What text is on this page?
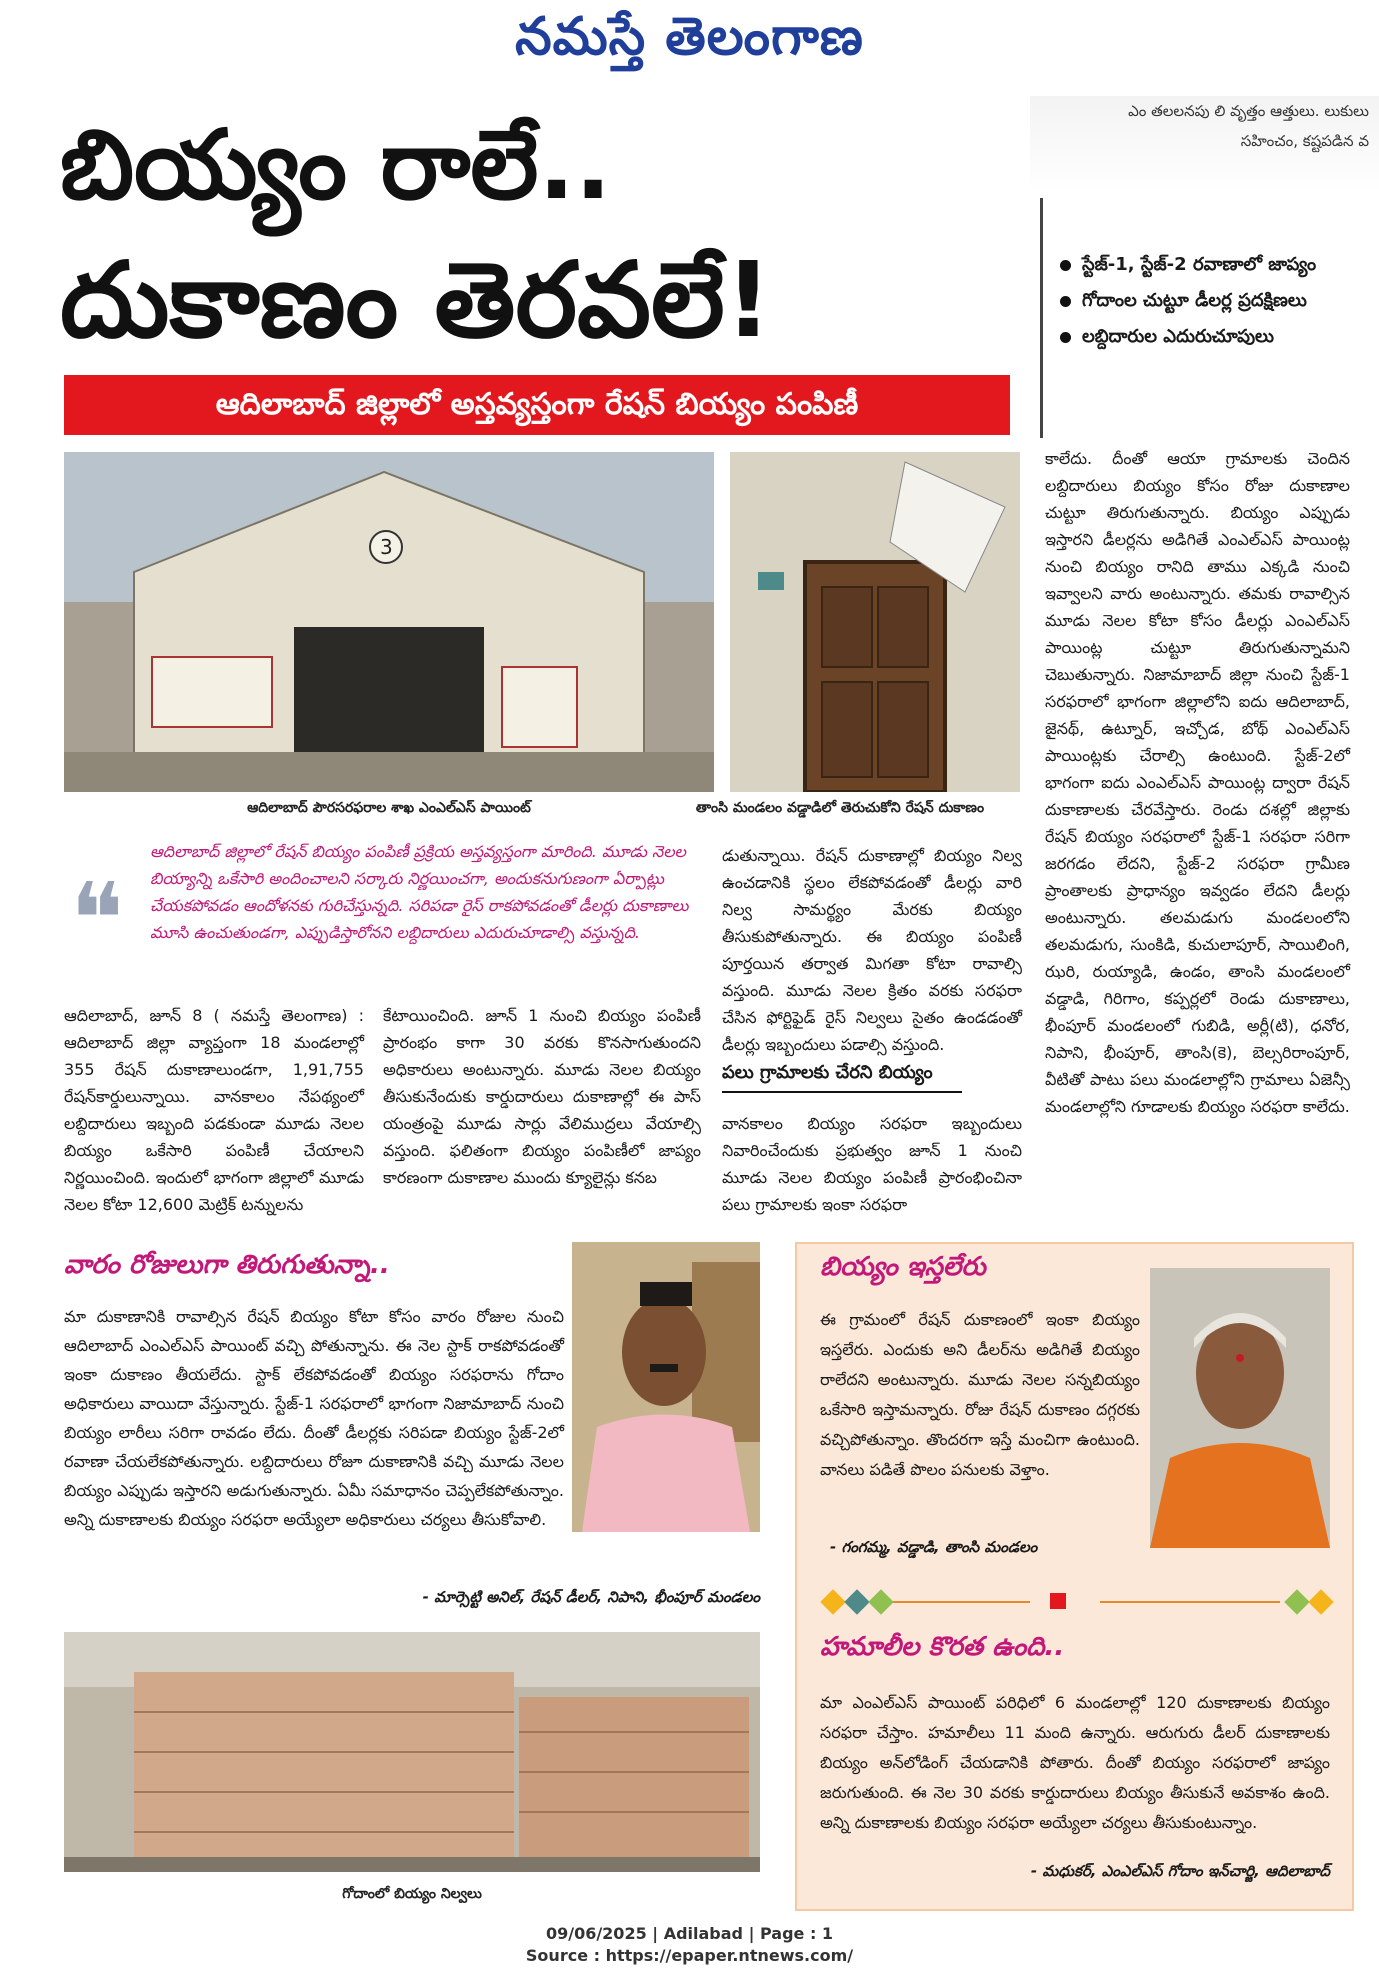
నమస్తే తెలంగాణ
ఎం తలలనపు లి వృత్తం ఆత్తులు. లుకులు
సహించం, కష్టపడిన వ
బియ్యం రాలే..
దుకాణం తెరవలే!	స్టేజ్-1, స్టేజ్-2 రవాణాలో జాప్యం
గోదాంల చుట్టూ డీలర్ల ప్రదక్షిణలు
లబ్దిదారుల ఎదురుచూపులు
ఆదిలాబాద్ జిల్లాలో అస్తవ్యస్తంగా రేషన్ బియ్యం పంపిణీ
3
ఆదిలాబాద్ పౌరసరఫరాల శాఖ ఎంఎల్ఎస్ పాయింట్	తాంసి మండలం వడ్డాడిలో తెరుచుకోని రేషన్ దుకాణం
❝
ఆదిలాబాద్ జిల్లాలో రేషన్ బియ్యం పంపిణీ ప్రక్రియ అస్తవ్యస్తంగా మారింది. మూడు నెలల బియ్యాన్ని ఒకేసారి అందించాలని సర్కారు నిర్ణయించగా, అందుకనుగుణంగా ఏర్పాట్లు చేయకపోవడం ఆందోళనకు గురిచేస్తున్నది. సరిపడా రైస్ రాకపోవడంతో డీలర్లు దుకాణాలు మూసి ఉంచుతుండగా, ఎప్పుడిస్తారోనని లబ్దిదారులు ఎదురుచూడాల్సి వస్తున్నది.
ఆదిలాబాద్, జూన్ 8 ( నమస్తే తెలంగాణ) : ఆదిలాబాద్ జిల్లా వ్యాప్తంగా 18 మండలాల్లో 355 రేషన్ దుకాణాలుండగా, 1,91,755 రేషన్‌కార్డులున్నాయి. వానకాలం నేపథ్యంలో లబ్దిదారులు ఇబ్బంది పడకుండా మూడు నెలల బియ్యం ఒకేసారి పంపిణీ చేయాలని నిర్ణయించింది. ఇందులో భాగంగా జిల్లాలో మూడు నెలల కోటా 12,600 మెట్రిక్ టన్నులను
కేటాయించింది. జూన్ 1 నుంచి బియ్యం పంపిణీ ప్రారంభం కాగా 30 వరకు కొనసాగుతుందని అధికారులు అంటున్నారు. మూడు నెలల బియ్యం తీసుకునేందుకు కార్డుదారులు దుకాణాల్లో ఈ పాస్ యంత్రంపై మూడు సార్లు వేలిముద్రలు వేయాల్సి వస్తుంది. ఫలితంగా బియ్యం పంపిణీలో జాప్యం కారణంగా దుకాణాల ముందు క్యూలైన్లు కనబ
డుతున్నాయి. రేషన్ దుకాణాల్లో బియ్యం నిల్వ ఉంచడానికి స్థలం లేకపోవడంతో డీలర్లు వారి నిల్వ సామర్థ్యం మేరకు బియ్యం తీసుకుపోతున్నారు. ఈ బియ్యం పంపిణీ పూర్తయిన తర్వాత మిగతా కోటా రావాల్సి వస్తుంది. మూడు నెలల క్రితం వరకు సరఫరా చేసిన ఫోర్టిఫైడ్ రైస్ నిల్వలు సైతం ఉండడంతో డీలర్లు ఇబ్బందులు పడాల్సి వస్తుంది.
పలు గ్రామాలకు చేరని బియ్యం
వానకాలం బియ్యం సరఫరా ఇబ్బందులు నివారించేందుకు ప్రభుత్వం జూన్ 1 నుంచి మూడు నెలల బియ్యం పంపిణీ ప్రారంభించినా పలు గ్రామాలకు ఇంకా సరఫరా
కాలేదు. దీంతో ఆయా గ్రామాలకు చెందిన లబ్దిదారులు బియ్యం కోసం రోజు దుకాణాల చుట్టూ తిరుగుతున్నారు. బియ్యం ఎప్పుడు ఇస్తారని డీలర్లను అడిగితే ఎంఎల్ఎస్ పాయింట్ల నుంచి బియ్యం రానిది తాము ఎక్కడి నుంచి ఇవ్వాలని వారు అంటున్నారు. తమకు రావాల్సిన మూడు నెలల కోటా కోసం డీలర్లు ఎంఎల్ఎస్ పాయింట్ల చుట్టూ తిరుగుతున్నామని చెబుతున్నారు. నిజామాబాద్ జిల్లా నుంచి స్టేజ్-1 సరఫరాలో భాగంగా జిల్లాలోని ఐదు ఆదిలాబాద్, జైనథ్, ఉట్నూర్, ఇచ్చోడ, బోథ్ ఎంఎల్ఎస్ పాయింట్లకు చేరాల్సి ఉంటుంది. స్టేజ్-2లో భాగంగా ఐదు ఎంఎల్ఎస్ పాయింట్ల ద్వారా రేషన్ దుకాణాలకు చేరవేస్తారు. రెండు దశల్లో జిల్లాకు రేషన్ బియ్యం సరఫరాలో స్టేజ్-1 సరఫరా సరిగా జరగడం లేదని, స్టేజ్-2 సరఫరా గ్రామీణ ప్రాంతాలకు ప్రాధాన్యం ఇవ్వడం లేదని డీలర్లు అంటున్నారు. తలమడుగు మండలంలోని తలమడుగు, సుంకిడి, కుచులాపూర్, సాయిలింగి, ఝరి, రుయ్యాడి, ఉండం, తాంసి మండలంలో వడ్డాడి, గిరిగాం, కప్పర్లలో రెండు దుకాణాలు, భీంపూర్ మండలంలో గుబిడి, అర్లీ(టి), ధనోర, నిపాని, భీంపూర్, తాంసి(కె), బెల్సరిరాంపూర్, వీటితో పాటు పలు మండలాల్లోని గ్రామాలు ఏజెన్సీ మండలాల్లోని గూడాలకు బియ్యం సరఫరా కాలేదు.
వారం రోజులుగా తిరుగుతున్నా..
మా దుకాణానికి రావాల్సిన రేషన్ బియ్యం కోటా కోసం వారం రోజుల నుంచి ఆదిలాబాద్ ఎంఎల్ఎస్ పాయింట్ వచ్చి పోతున్నాను. ఈ నెల స్టాక్ రాకపోవడంతో ఇంకా దుకాణం తీయలేదు. స్టాక్ లేకపోవడంతో బియ్యం సరఫరాను గోదాం అధికారులు వాయిదా వేస్తున్నారు. స్టేజ్-1 సరఫరాలో భాగంగా నిజామాబాద్ నుంచి బియ్యం లారీలు సరిగా రావడం లేదు. దీంతో డీలర్లకు సరిపడా బియ్యం స్టేజ్-2లో రవాణా చేయలేకపోతున్నారు. లబ్దిదారులు రోజూ దుకాణానికి వచ్చి మూడు నెలల బియ్యం ఎప్పుడు ఇస్తారని అడుగుతున్నారు. ఏమీ సమాధానం చెప్పలేకపోతున్నాం. అన్ని దుకాణాలకు బియ్యం సరఫరా అయ్యేలా అధికారులు చర్యలు తీసుకోవాలి.
- మార్సెట్టి అనిల్, రేషన్ డీలర్, నిపాని, భీంపూర్ మండలం
గోదాంలో బియ్యం నిల్వలు
బియ్యం ఇస్తలేరు
ఈ గ్రామంలో రేషన్ దుకాణంలో ఇంకా బియ్యం ఇస్తలేరు. ఎందుకు అని డీలర్‌ను అడిగితే బియ్యం రాలేదని అంటున్నారు. మూడు నెలల సన్నబియ్యం ఒకేసారి ఇస్తామన్నారు. రోజు రేషన్ దుకాణం దగ్గరకు వచ్చిపోతున్నాం. తొందరగా ఇస్తే మంచిగా ఉంటుంది. వానలు పడితే పొలం పనులకు వెళ్తాం.
- గంగమ్మ, వడ్డాడి, తాంసి మండలం
హమాలీల కొరత ఉంది..
మా ఎంఎల్ఎస్ పాయింట్ పరిధిలో 6 మండలాల్లో 120 దుకాణాలకు బియ్యం సరఫరా చేస్తాం. హమాలీలు 11 మంది ఉన్నారు. ఆరుగురు డీలర్ దుకాణాలకు బియ్యం అన్‌లోడింగ్ చేయడానికి పోతారు. దీంతో బియ్యం సరఫరాలో జాప్యం జరుగుతుంది. ఈ నెల 30 వరకు కార్డుదారులు బియ్యం తీసుకునే అవకాశం ఉంది. అన్ని దుకాణాలకు బియ్యం సరఫరా అయ్యేలా చర్యలు తీసుకుంటున్నాం.
- మధుకర్, ఎంఎల్ఎస్ గోదాం ఇన్‌చార్జి, ఆదిలాబాద్
09/06/2025 | Adilabad | Page : 1
Source : https://epaper.ntnews.com/
